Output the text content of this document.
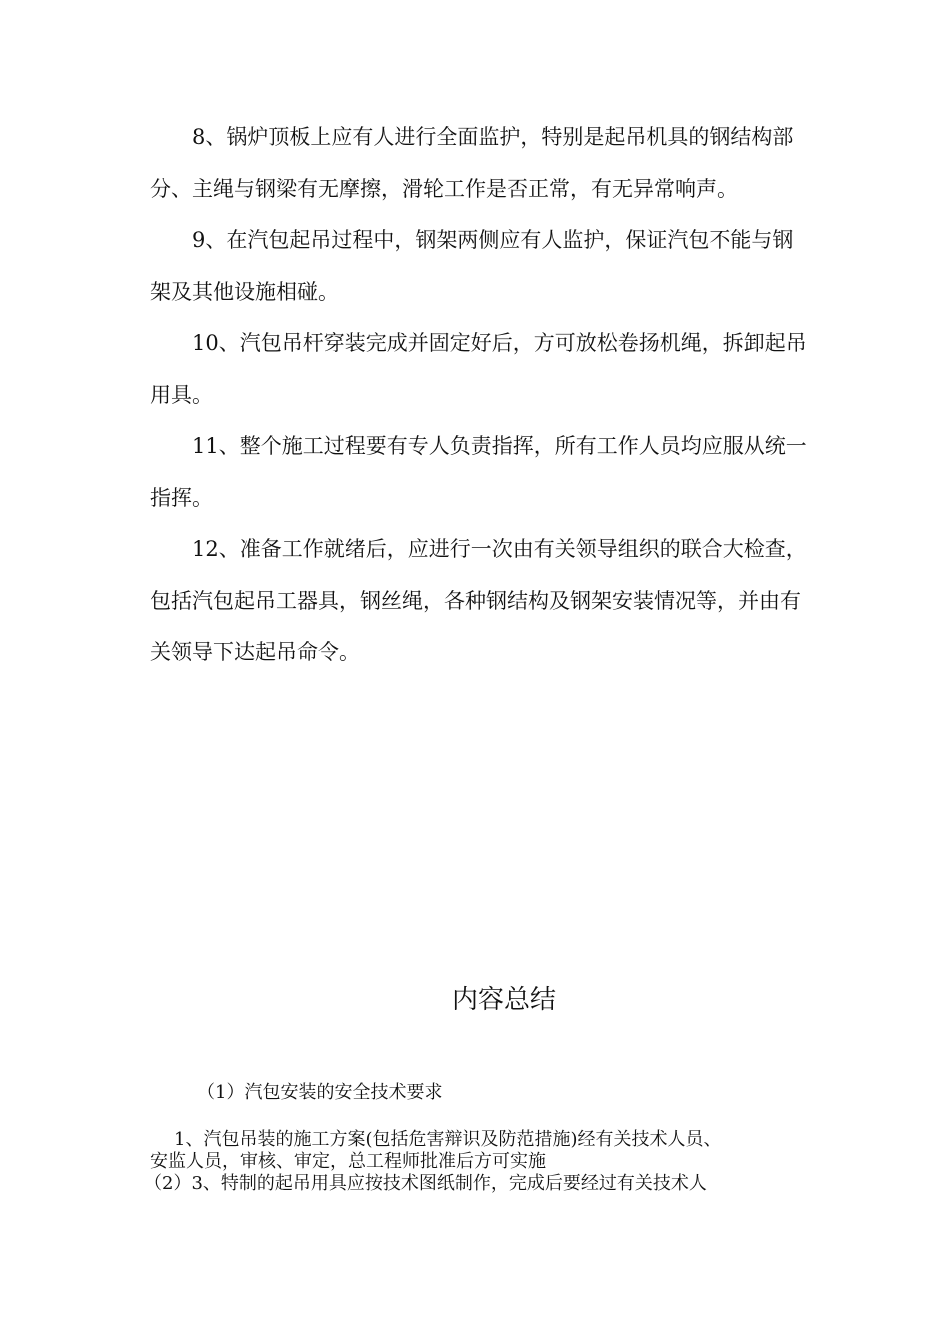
8、锅炉顶板上应有人进行全面监护，特别是起吊机具的钢结构部分、主绳与钢梁有无摩擦，滑轮工作是否正常，有无异常响声。

9、在汽包起吊过程中，钢架两侧应有人监护，保证汽包不能与钢架及其他设施相碰。

10、汽包吊杆穿装完成并固定好后，方可放松卷扬机绳，拆卸起吊用具。

11、整个施工过程要有专人负责指挥，所有工作人员均应服从统一指挥。

12、准备工作就绪后，应进行一次由有关领导组织的联合大检查，包括汽包起吊工器具，钢丝绳，各种钢结构及钢架安装情况等，并由有关领导下达起吊命令。

内容总结
（1）汽包安装的安全技术要求

1、汽包吊装的施工方案(包括危害辩识及防范措施)经有关技术人员、

安监人员，审核、审定，总工程师批准后方可实施

（2）3、特制的起吊用具应按技术图纸制作，完成后要经过有关技术人
